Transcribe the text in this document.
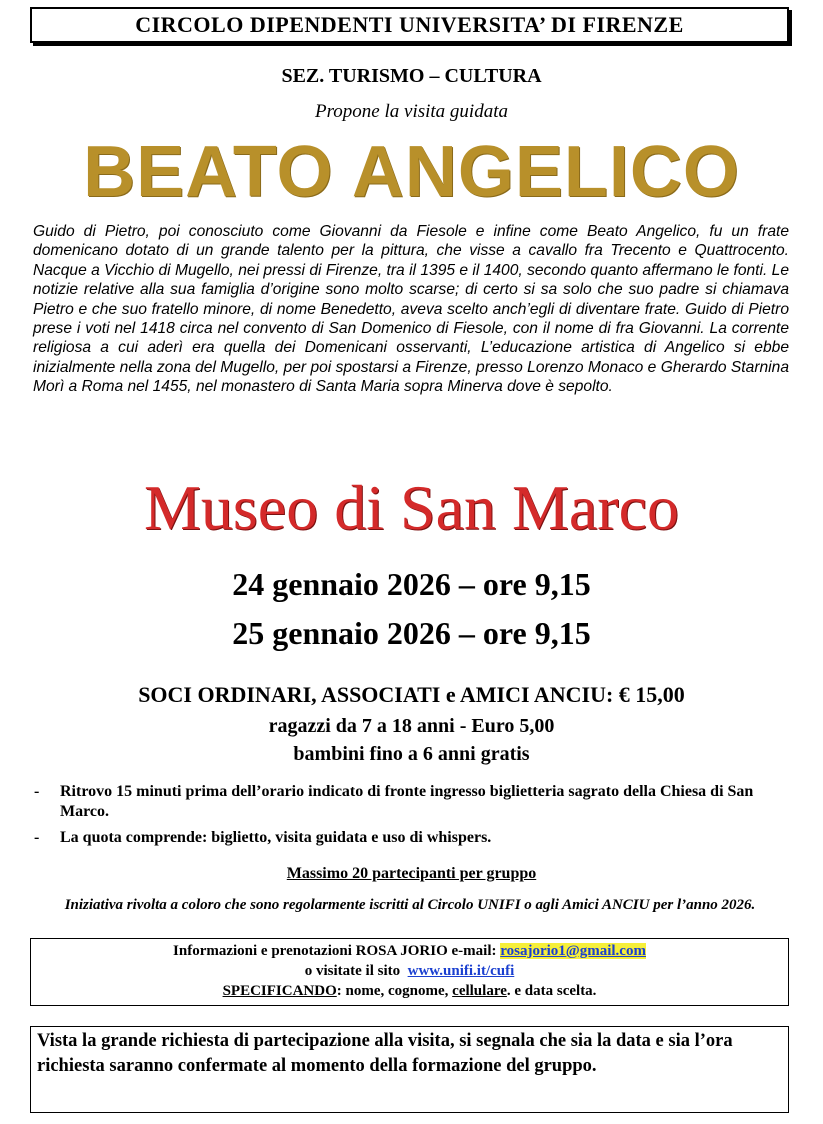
CIRCOLO DIPENDENTI UNIVERSITA’ DI FIRENZE
SEZ. TURISMO – CULTURA
Propone la visita guidata
BEATO ANGELICO
Guido di Pietro, poi conosciuto come Giovanni da Fiesole e infine come Beato Angelico, fu un frate domenicano dotato di un grande talento per la pittura, che visse a cavallo fra Trecento e Quattrocento. Nacque a Vicchio di Mugello, nei pressi di Firenze, tra il 1395 e il 1400, secondo quanto affermano le fonti. Le notizie relative alla sua famiglia d’origine sono molto scarse; di certo si sa solo che suo padre si chiamava Pietro e che suo fratello minore, di nome Benedetto, aveva scelto anch’egli di diventare frate. Guido di Pietro prese i voti nel 1418 circa nel convento di San Domenico di Fiesole, con il nome di fra Giovanni. La corrente religiosa a cui aderì era quella dei Domenicani osservanti, L’educazione artistica di Angelico si ebbe inizialmente nella zona del Mugello, per poi spostarsi a Firenze, presso Lorenzo Monaco e Gherardo Starnina Morì a Roma nel 1455, nel monastero di Santa Maria sopra Minerva dove è sepolto.
Museo di San Marco
24 gennaio 2026 – ore 9,15
25 gennaio 2026 – ore 9,15
SOCI ORDINARI, ASSOCIATI e AMICI ANCIU: € 15,00
ragazzi da 7 a 18 anni - Euro 5,00
bambini fino a 6 anni gratis
- Ritrovo 15 minuti prima dell’orario indicato di fronte ingresso biglietteria sagrato della Chiesa di San Marco.
- La quota comprende: biglietto, visita guidata e uso di whispers.
Massimo 20 partecipanti per gruppo
Iniziativa rivolta a coloro che sono regolarmente iscritti al Circolo UNIFI o agli Amici ANCIU per l’anno 2026.
Informazioni e prenotazioni ROSA JORIO e-mail: rosajorio1@gmail.com
o visitate il sito  www.unifi.it/cufi
SPECIFICANDO: nome, cognome, cellulare. e data scelta.
Vista la grande richiesta di partecipazione alla visita, si segnala che sia la data e sia l’ora richiesta saranno confermate al momento della formazione del gruppo.
